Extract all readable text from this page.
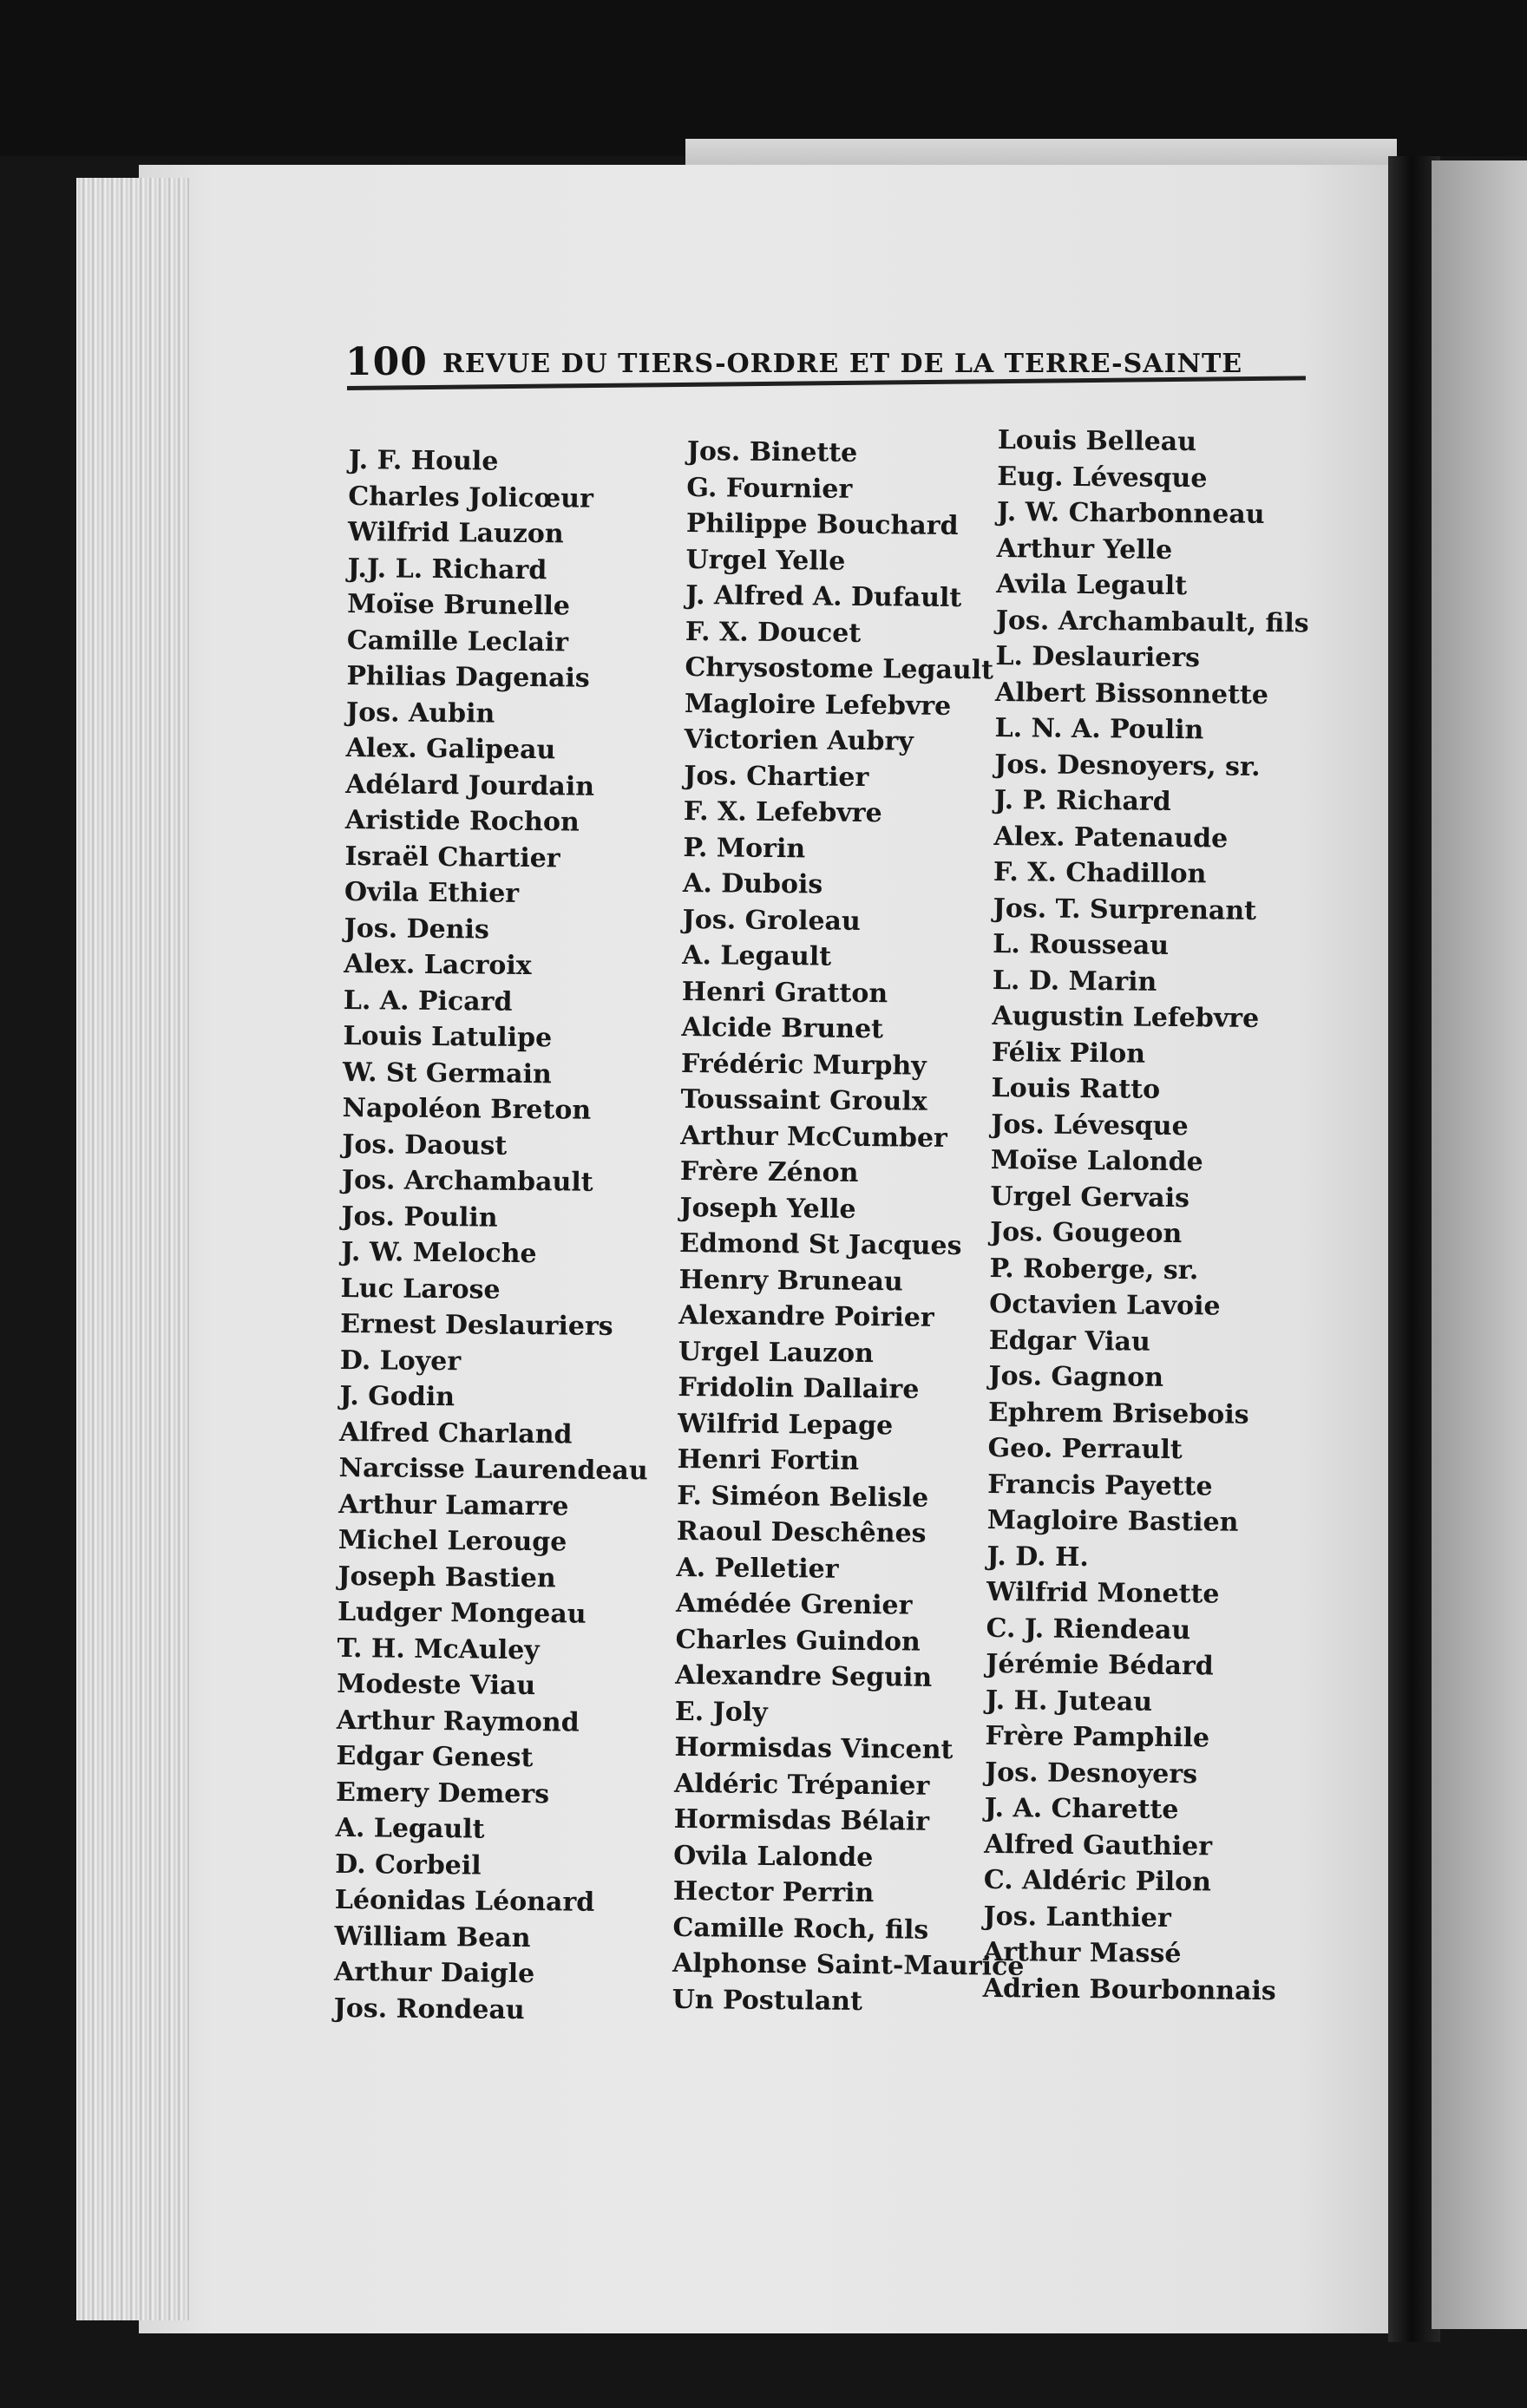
100 REVUE DU TIERS-ORDRE ET DE LA TERRE-SAINTE
J. F. Houle
Charles Jolicœur
Wilfrid Lauzon
J.J. L. Richard
Moïse Brunelle
Camille Leclair
Philias Dagenais
Jos. Aubin
Alex. Galipeau
Adélard Jourdain
Aristide Rochon
Israël Chartier
Ovila Ethier
Jos. Denis
Alex. Lacroix
L. A. Picard
Louis Latulipe
W. St Germain
Napoléon Breton
Jos. Daoust
Jos. Archambault
Jos. Poulin
J. W. Meloche
Luc Larose
Ernest Deslauriers
D. Loyer
J. Godin
Alfred Charland
Narcisse Laurendeau
Arthur Lamarre
Michel Lerouge
Joseph Bastien
Ludger Mongeau
T. H. McAuley
Modeste Viau
Arthur Raymond
Edgar Genest
Emery Demers
A. Legault
D. Corbeil
Léonidas Léonard
William Bean
Arthur Daigle
Jos. Rondeau
Jos. Binette
G. Fournier
Philippe Bouchard
Urgel Yelle
J. Alfred A. Dufault
F. X. Doucet
Chrysostome Legault
Magloire Lefebvre
Victorien Aubry
Jos. Chartier
F. X. Lefebvre
P. Morin
A. Dubois
Jos. Groleau
A. Legault
Henri Gratton
Alcide Brunet
Frédéric Murphy
Toussaint Groulx
Arthur McCumber
Frère Zénon
Joseph Yelle
Edmond St Jacques
Henry Bruneau
Alexandre Poirier
Urgel Lauzon
Fridolin Dallaire
Wilfrid Lepage
Henri Fortin
F. Siméon Belisle
Raoul Deschênes
A. Pelletier
Amédée Grenier
Charles Guindon
Alexandre Seguin
E. Joly
Hormisdas Vincent
Aldéric Trépanier
Hormisdas Bélair
Ovila Lalonde
Hector Perrin
Camille Roch, fils
Alphonse Saint-Maurice
Un Postulant
Louis Belleau
Eug. Lévesque
J. W. Charbonneau
Arthur Yelle
Avila Legault
Jos. Archambault, fils
L. Deslauriers
Albert Bissonnette
L. N. A. Poulin
Jos. Desnoyers, sr.
J. P. Richard
Alex. Patenaude
F. X. Chadillon
Jos. T. Surprenant
L. Rousseau
L. D. Marin
Augustin Lefebvre
Félix Pilon
Louis Ratto
Jos. Lévesque
Moïse Lalonde
Urgel Gervais
Jos. Gougeon
P. Roberge, sr.
Octavien Lavoie
Edgar Viau
Jos. Gagnon
Ephrem Brisebois
Geo. Perrault
Francis Payette
Magloire Bastien
J. D. H.
Wilfrid Monette
C. J. Riendeau
Jérémie Bédard
J. H. Juteau
Frère Pamphile
Jos. Desnoyers
J. A. Charette
Alfred Gauthier
C. Aldéric Pilon
Jos. Lanthier
Arthur Massé
Adrien Bourbonnais
